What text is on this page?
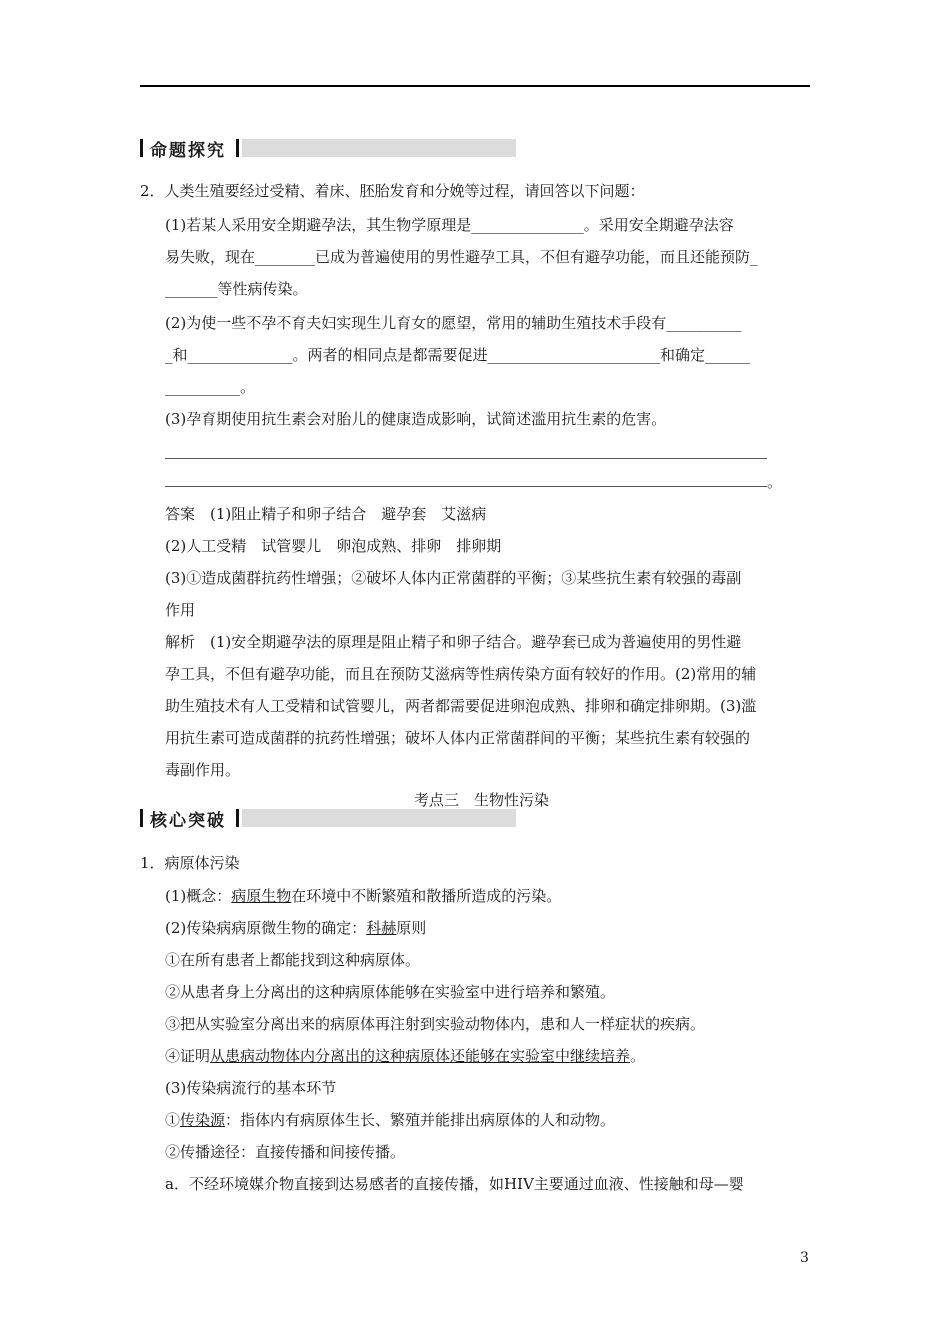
命题探究
2．人类生殖要经过受精、着床、胚胎发育和分娩等过程，请回答以下问题：
(1)若某人采用安全期避孕法，其生物学原理是_______________。采用安全期避孕法容
易失败，现在________已成为普遍使用的男性避孕工具，不但有避孕功能，而且还能预防_
_______等性病传染。
(2)为使一些不孕不育夫妇实现生儿育女的愿望，常用的辅助生殖技术手段有__________
_和______________。两者的相同点是都需要促进_______________________和确定______
__________。
(3)孕育期使用抗生素会对胎儿的健康造成影响，试简述滥用抗生素的危害。
。
答案　(1)阻止精子和卵子结合　避孕套　艾滋病
(2)人工受精　试管婴儿　卵泡成熟、排卵　排卵期
(3)①造成菌群抗药性增强；②破坏人体内正常菌群的平衡；③某些抗生素有较强的毒副
作用
解析　(1)安全期避孕法的原理是阻止精子和卵子结合。避孕套已成为普遍使用的男性避
孕工具，不但有避孕功能，而且在预防艾滋病等性病传染方面有较好的作用。(2)常用的辅
助生殖技术有人工受精和试管婴儿，两者都需要促进卵泡成熟、排卵和确定排卵期。(3)滥
用抗生素可造成菌群的抗药性增强；破坏人体内正常菌群间的平衡；某些抗生素有较强的
毒副作用。
考点三　生物性污染
核心突破
1．病原体污染
(1)概念：病原生物在环境中不断繁殖和散播所造成的污染。
(2)传染病病原微生物的确定：科赫原则
①在所有患者上都能找到这种病原体。
②从患者身上分离出的这种病原体能够在实验室中进行培养和繁殖。
③把从实验室分离出来的病原体再注射到实验动物体内，患和人一样症状的疾病。
④证明从患病动物体内分离出的这种病原体还能够在实验室中继续培养。
(3)传染病流行的基本环节
①传染源：指体内有病原体生长、繁殖并能排出病原体的人和动物。
②传播途径：直接传播和间接传播。
a．不经环境媒介物直接到达易感者的直接传播，如HIV主要通过血液、性接触和母—婴
3
